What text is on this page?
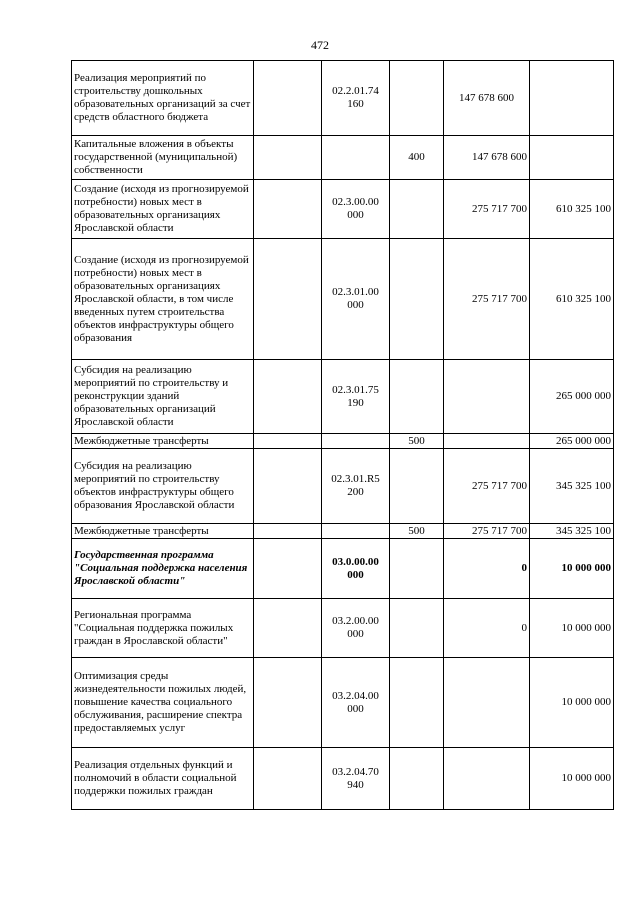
472
Реализация мероприятий по строительству дошкольных образовательных организаций за счет средств областного бюджета		02.2.01.74 160		147 678 600	
Капитальные вложения в объекты государственной (муниципальной) собственности			400	147 678 600	
Создание (исходя из прогнозируемой потребности) новых мест в образовательных организациях Ярославской области		02.3.00.00 000		275 717 700	610 325 100
Создание (исходя из прогнозируемой потребности) новых мест в образовательных организациях Ярославской области, в том числе введенных путем строительства объектов инфраструктуры общего образования		02.3.01.00 000		275 717 700	610 325 100
Субсидия на реализацию мероприятий по строительству и реконструкции зданий образовательных организаций Ярославской области		02.3.01.75 190			265 000 000
Межбюджетные трансферты			500		265 000 000
Субсидия на реализацию мероприятий по строительству объектов инфраструктуры общего образования Ярославской области		02.3.01.R5 200		275 717 700	345 325 100
Межбюджетные трансферты			500	275 717 700	345 325 100
Государственная программа "Социальная поддержка населения Ярославской области"		03.0.00.00 000		0	10 000 000
Региональная программа "Социальная поддержка пожилых граждан в Ярославской области"		03.2.00.00 000		0	10 000 000
Оптимизация среды жизнедеятельности пожилых людей, повышение качества социального обслуживания, расширение спектра предоставляемых услуг		03.2.04.00 000			10 000 000
Реализация отдельных функций и полномочий в области социальной поддержки пожилых граждан		03.2.04.70 940			10 000 000
